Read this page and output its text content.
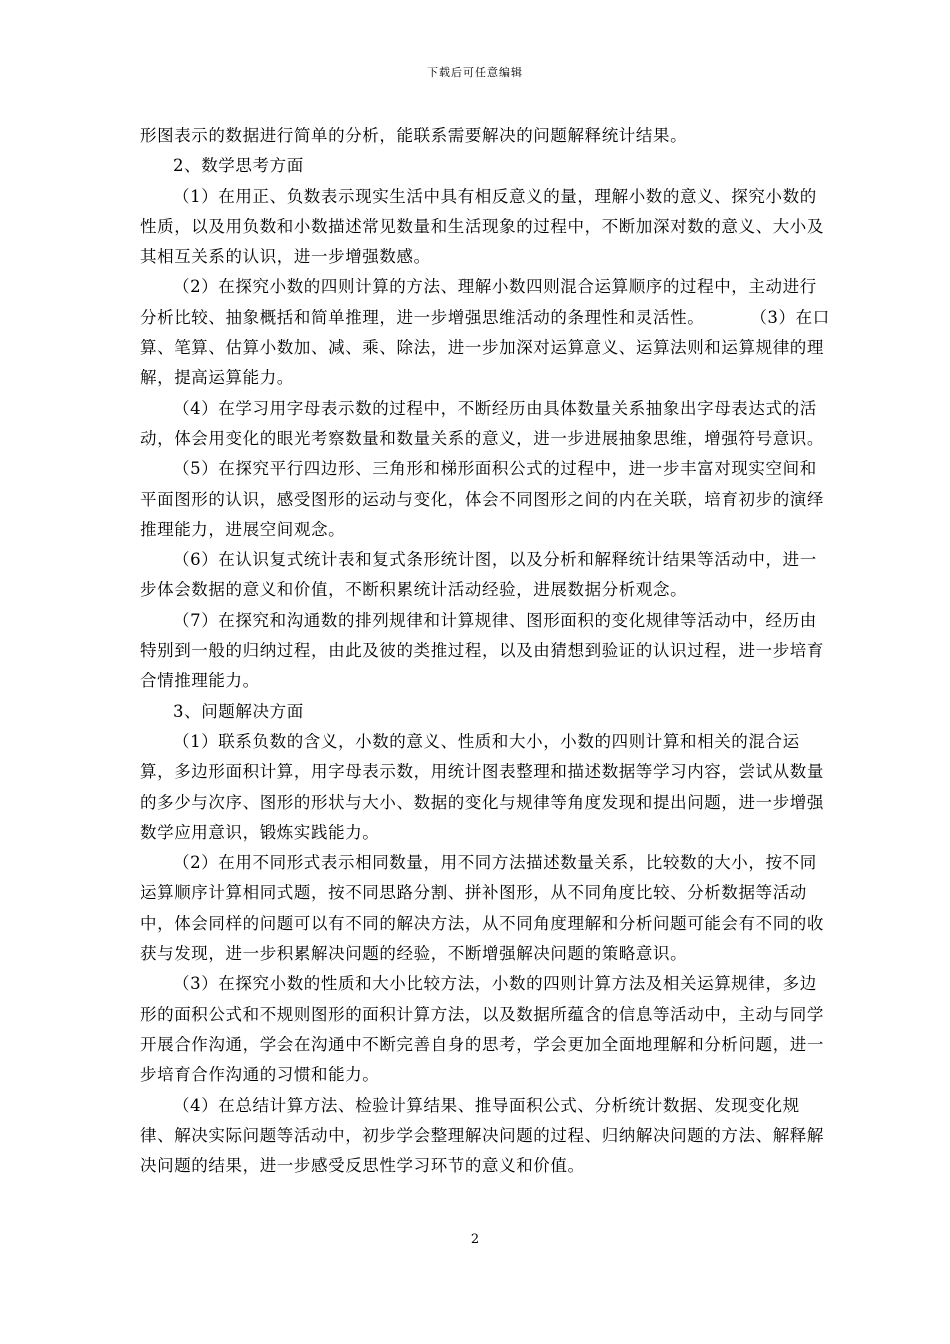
下载后可任意编辑

形图表示的数据进行简单的分析，能联系需要解决的问题解释统计结果。

2、数学思考方面

（1）在用正、负数表示现实生活中具有相反意义的量，理解小数的意义、探究小数的性质，以及用负数和小数描述常见数量和生活现象的过程中，不断加深对数的意义、大小及其相互关系的认识，进一步增强数感。

（2）在探究小数的四则计算的方法、理解小数四则混合运算顺序的过程中，主动进行分析比较、抽象概括和简单推理，进一步增强思维活动的条理性和灵活性。	（3）在口算、笔算、估算小数加、减、乘、除法，进一步加深对运算意义、运算法则和运算规律的理解，提高运算能力。

（4）在学习用字母表示数的过程中，不断经历由具体数量关系抽象出字母表达式的活动，体会用变化的眼光考察数量和数量关系的意义，进一步进展抽象思维，增强符号意识。

（5）在探究平行四边形、三角形和梯形面积公式的过程中，进一步丰富对现实空间和平面图形的认识，感受图形的运动与变化，体会不同图形之间的内在关联，培育初步的演绎推理能力，进展空间观念。

（6）在认识复式统计表和复式条形统计图，以及分析和解释统计结果等活动中，进一步体会数据的意义和价值，不断积累统计活动经验，进展数据分析观念。

（7）在探究和沟通数的排列规律和计算规律、图形面积的变化规律等活动中，经历由特别到一般的归纳过程，由此及彼的类推过程，以及由猜想到验证的认识过程，进一步培育合情推理能力。

3、问题解决方面

（1）联系负数的含义，小数的意义、性质和大小，小数的四则计算和相关的混合运算，多边形面积计算，用字母表示数，用统计图表整理和描述数据等学习内容，尝试从数量的多少与次序、图形的形状与大小、数据的变化与规律等角度发现和提出问题，进一步增强数学应用意识，锻炼实践能力。

（2）在用不同形式表示相同数量，用不同方法描述数量关系，比较数的大小，按不同运算顺序计算相同式题，按不同思路分割、拼补图形，从不同角度比较、分析数据等活动中，体会同样的问题可以有不同的解决方法，从不同角度理解和分析问题可能会有不同的收获与发现，进一步积累解决问题的经验，不断增强解决问题的策略意识。

（3）在探究小数的性质和大小比较方法，小数的四则计算方法及相关运算规律，多边形的面积公式和不规则图形的面积计算方法，以及数据所蕴含的信息等活动中，主动与同学开展合作沟通，学会在沟通中不断完善自身的思考，学会更加全面地理解和分析问题，进一步培育合作沟通的习惯和能力。

（4）在总结计算方法、检验计算结果、推导面积公式、分析统计数据、发现变化规律、解决实际问题等活动中，初步学会整理解决问题的过程、归纳解决问题的方法、解释解决问题的结果，进一步感受反思性学习环节的意义和价值。

2
